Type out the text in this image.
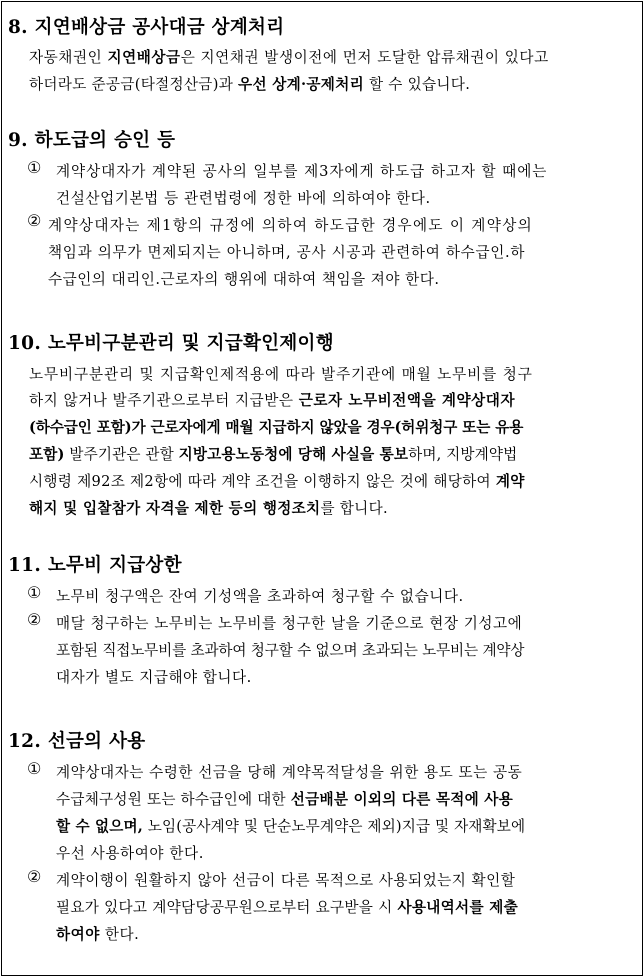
8. 지연배상금 공사대금 상계처리
자동채권인 지연배상금은 지연채권 발생이전에 먼저 도달한 압류채권이 있다고
하더라도 준공금(타절정산금)과 우선 상계·공제처리 할 수 있습니다.
9. 하도급의 승인 등
① 계약상대자가 계약된 공사의 일부를 제3자에게 하도급 하고자 할 때에는
건설산업기본법 등 관련법령에 정한 바에 의하여야 한다.
② 계약상대자는 제1항의 규정에 의하여 하도급한 경우에도 이 계약상의
책임과 의무가 면제되지는 아니하며, 공사 시공과 관련하여 하수급인.하
수급인의 대리인.근로자의 행위에 대하여 책임을 져야 한다.
10. 노무비구분관리 및 지급확인제이행
노무비구분관리 및 지급확인제적용에 따라 발주기관에 매월 노무비를 청구
하지 않거나 발주기관으로부터 지급받은 근로자 노무비전액을 계약상대자
(하수급인 포함)가 근로자에게 매월 지급하지 않았을 경우(허위청구 또는 유용
포함) 발주기관은 관할 지방고용노동청에 당해 사실을 통보하며, 지방계약법
시행령 제92조 제2항에 따라 계약 조건을 이행하지 않은 것에 해당하여 계약
해지 및 입찰참가 자격을 제한 등의 행정조치를 합니다.
11. 노무비 지급상한
① 노무비 청구액은 잔여 기성액을 초과하여 청구할 수 없습니다.
② 매달 청구하는 노무비는 노무비를 청구한 날을 기준으로 현장 기성고에
포함된 직접노무비를 초과하여 청구할 수 없으며 초과되는 노무비는 계약상
대자가 별도 지급해야 합니다.
12. 선금의 사용
① 계약상대자는 수령한 선금을 당해 계약목적달성을 위한 용도 또는 공동
수급체구성원 또는 하수급인에 대한 선금배분 이외의 다른 목적에 사용
할 수 없으며, 노임(공사계약 및 단순노무계약은 제외)지급 및 자재확보에
우선 사용하여야 한다.
② 계약이행이 원활하지 않아 선금이 다른 목적으로 사용되었는지 확인할
필요가 있다고 계약담당공무원으로부터 요구받을 시 사용내역서를 제출
하여야 한다.
